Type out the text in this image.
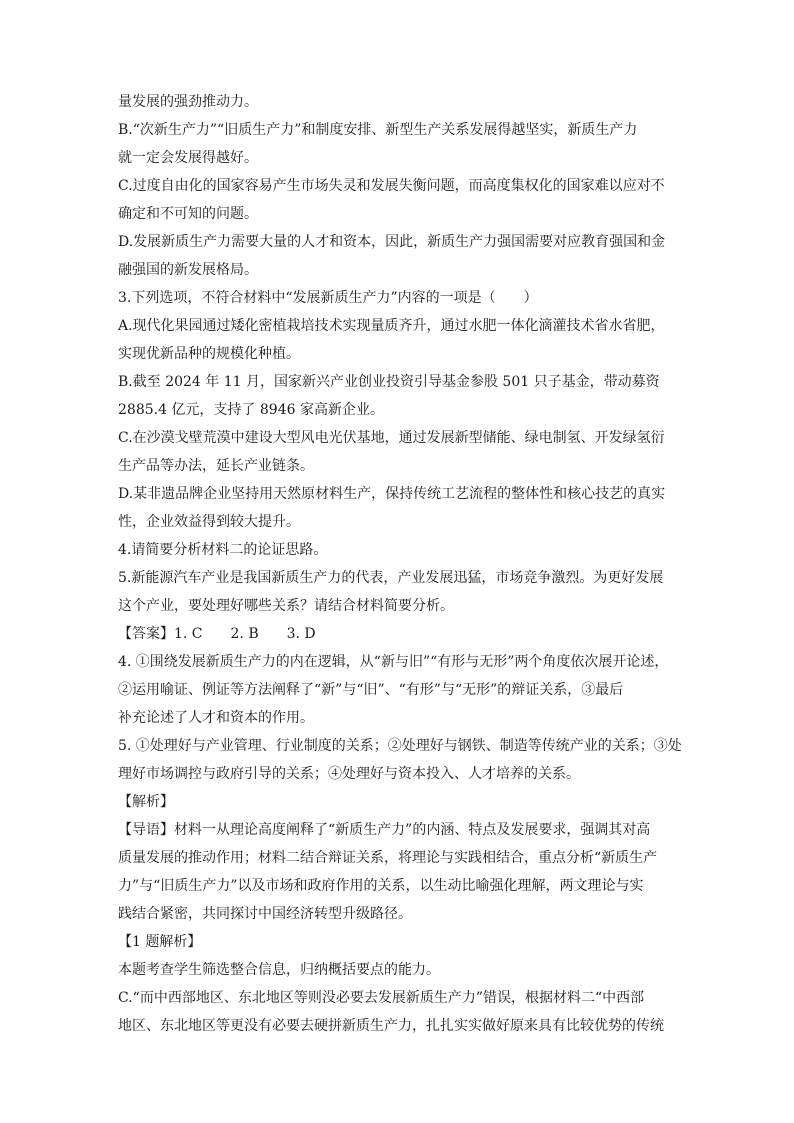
量发展的强劲推动力。
B.“次新生产力”“旧质生产力”和制度安排、新型生产关系发展得越坚实，新质生产力
就一定会发展得越好。
C.过度自由化的国家容易产生市场失灵和发展失衡问题，而高度集权化的国家难以应对不
确定和不可知的问题。
D.发展新质生产力需要大量的人才和资本，因此，新质生产力强国需要对应教育强国和金
融强国的新发展格局。
3.下列选项，不符合材料中“发展新质生产力”内容的一项是（　　）
A.现代化果园通过矮化密植栽培技术实现量质齐升，通过水肥一体化滴灌技术省水省肥，
实现优新品种的规模化种植。
B.截至 2024 年 11 月，国家新兴产业创业投资引导基金参股 501 只子基金，带动募资
2885.4 亿元，支持了 8946 家高新企业。
C.在沙漠戈壁荒漠中建设大型风电光伏基地，通过发展新型储能、绿电制氢、开发绿氢衍
生产品等办法，延长产业链条。
D.某非遗品牌企业坚持用天然原材料生产，保持传统工艺流程的整体性和核心技艺的真实
性，企业效益得到较大提升。
4.请简要分析材料二的论证思路。
5.新能源汽车产业是我国新质生产力的代表，产业发展迅猛，市场竞争激烈。为更好发展
这个产业，要处理好哪些关系？请结合材料简要分析。
【答案】1. C　　2. B　　3. D
4. ①围绕发展新质生产力的内在逻辑，从“新与旧”“有形与无形”两个角度依次展开论述，
②运用喻证、例证等方法阐释了“新”与“旧”、“有形”与“无形”的辩证关系，③最后
补充论述了人才和资本的作用。
5. ①处理好与产业管理、行业制度的关系；②处理好与钢铁、制造等传统产业的关系；③处
理好市场调控与政府引导的关系；④处理好与资本投入、人才培养的关系。
【解析】
【导语】材料一从理论高度阐释了“新质生产力”的内涵、特点及发展要求，强调其对高
质量发展的推动作用；材料二结合辩证关系，将理论与实践相结合，重点分析“新质生产
力”与“旧质生产力”以及市场和政府作用的关系，以生动比喻强化理解，两文理论与实
践结合紧密，共同探讨中国经济转型升级路径。
【1 题解析】
本题考查学生筛选整合信息，归纳概括要点的能力。
C.“而中西部地区、东北地区等则没必要去发展新质生产力”错误，根据材料二“中西部
地区、东北地区等更没有必要去硬拼新质生产力，扎扎实实做好原来具有比较优势的传统
